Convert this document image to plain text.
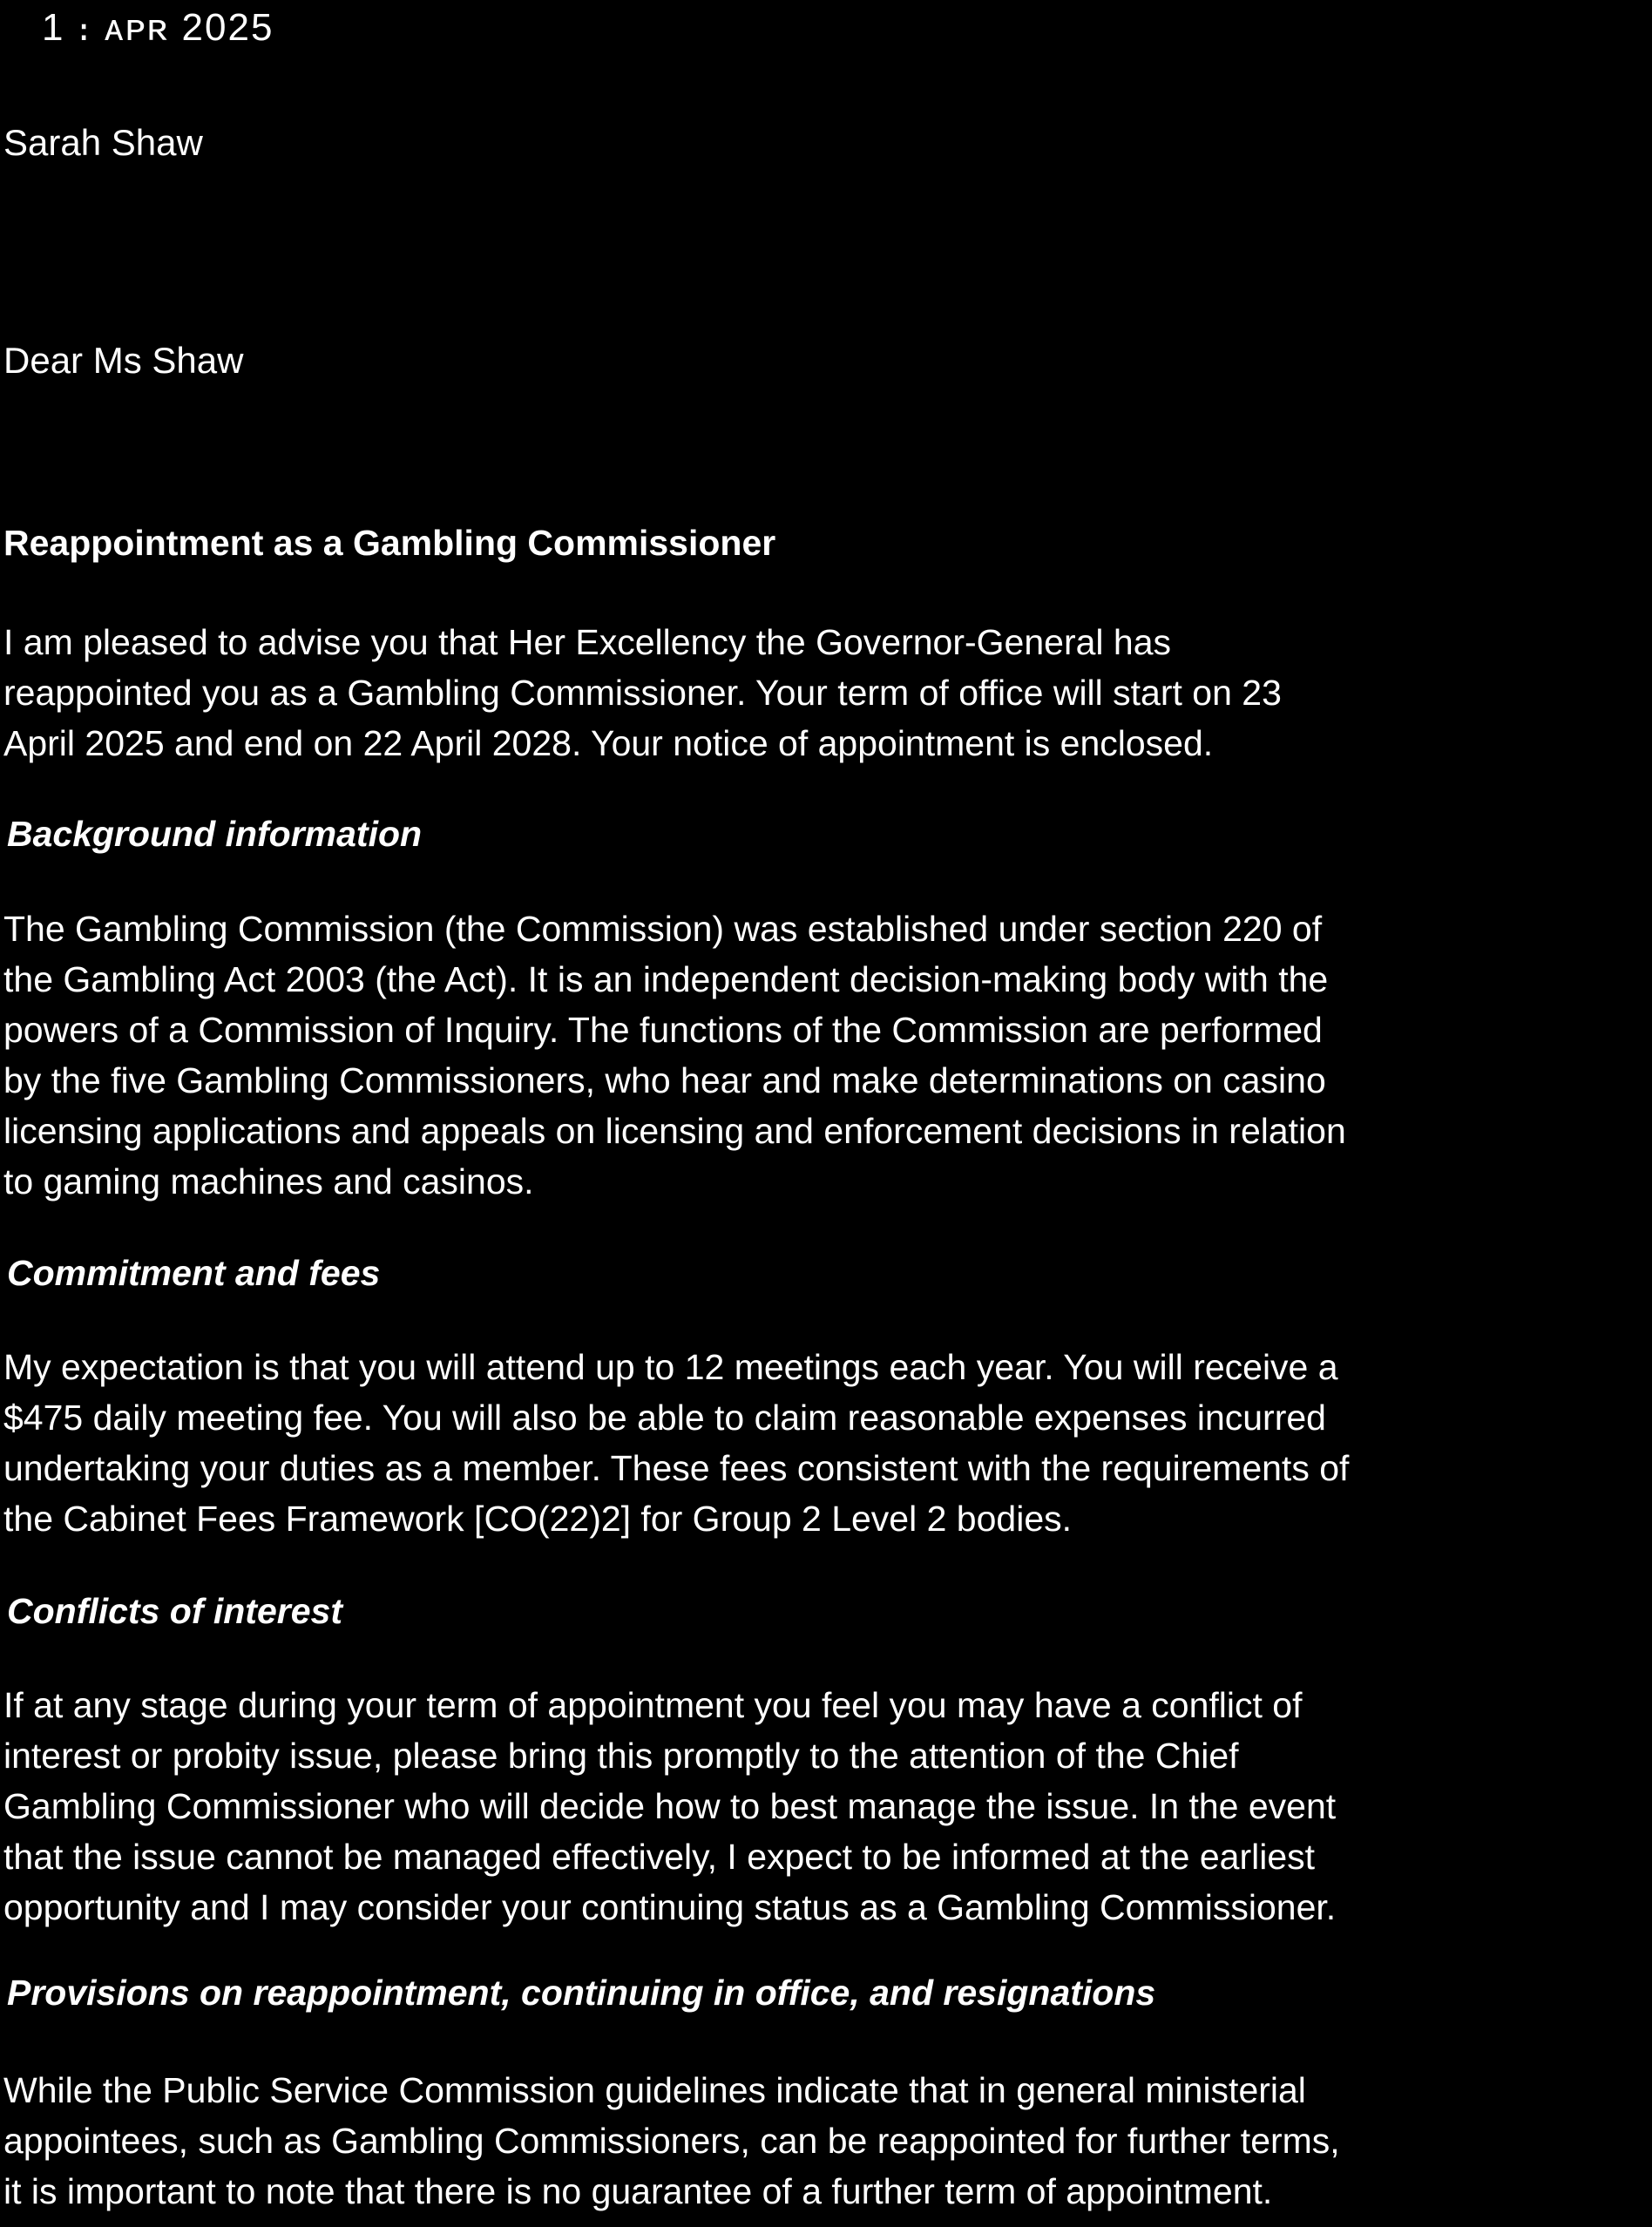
1 ։ ᴀᴘʀ 2025
Sarah Shaw
Dear Ms Shaw
Reappointment as a Gambling Commissioner
I am pleased to advise you that Her Excellency the Governor-General has
reappointed you as a Gambling Commissioner. Your term of office will start on 23
April 2025 and end on 22 April 2028. Your notice of appointment is enclosed.
Background information
The Gambling Commission (the Commission) was established under section 220 of
the Gambling Act 2003 (the Act). It is an independent decision-making body with the
powers of a Commission of Inquiry. The functions of the Commission are performed
by the five Gambling Commissioners, who hear and make determinations on casino
licensing applications and appeals on licensing and enforcement decisions in relation
to gaming machines and casinos.
Commitment and fees
My expectation is that you will attend up to 12 meetings each year. You will receive a
$475 daily meeting fee. You will also be able to claim reasonable expenses incurred
undertaking your duties as a member. These fees consistent with the requirements of
the Cabinet Fees Framework [CO(22)2] for Group 2 Level 2 bodies.
Conflicts of interest
If at any stage during your term of appointment you feel you may have a conflict of
interest or probity issue, please bring this promptly to the attention of the Chief
Gambling Commissioner who will decide how to best manage the issue. In the event
that the issue cannot be managed effectively, I expect to be informed at the earliest
opportunity and I may consider your continuing status as a Gambling Commissioner.
Provisions on reappointment, continuing in office, and resignations
While the Public Service Commission guidelines indicate that in general ministerial
appointees, such as Gambling Commissioners, can be reappointed for further terms,
it is important to note that there is no guarantee of a further term of appointment.
